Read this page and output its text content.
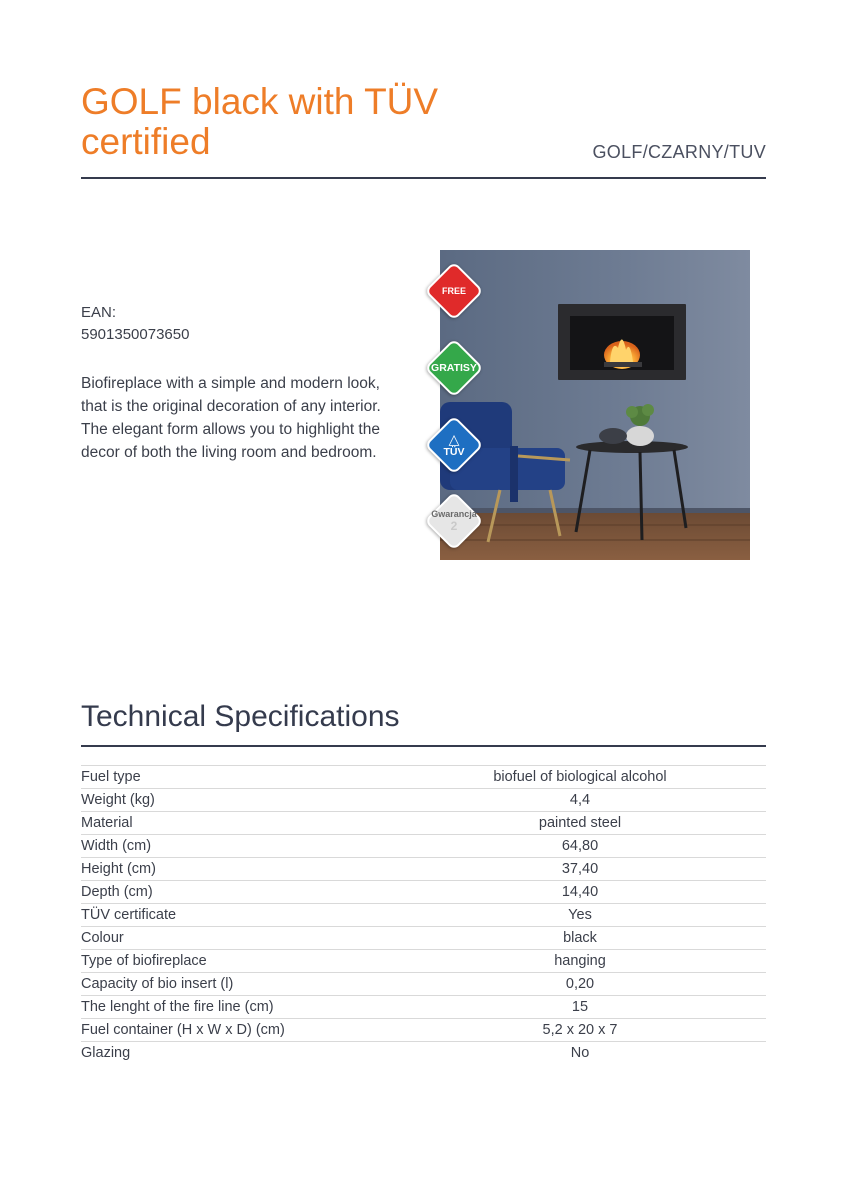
GOLF black with TÜV certified	GOLF/CZARNY/TUV
EAN:
5901350073650

Biofireplace with a simple and modern look, that is the original decoration of any interior. The elegant form allows you to highlight the decor of both the living room and bedroom.

FREE
GRATISY
△
TÜV
Gwarancja
2
Technical Specifications
Fuel type	biofuel of biological alcohol
Weight (kg)	4,4
Material	painted steel
Width (cm)	64,80
Height (cm)	37,40
Depth (cm)	14,40
TÜV certificate	Yes
Colour	black
Type of biofireplace	hanging
Capacity of bio insert (l)	0,20
The lenght of the fire line (cm)	15
Fuel container (H x W x D) (cm)	5,2 x 20 x 7
Glazing	No
